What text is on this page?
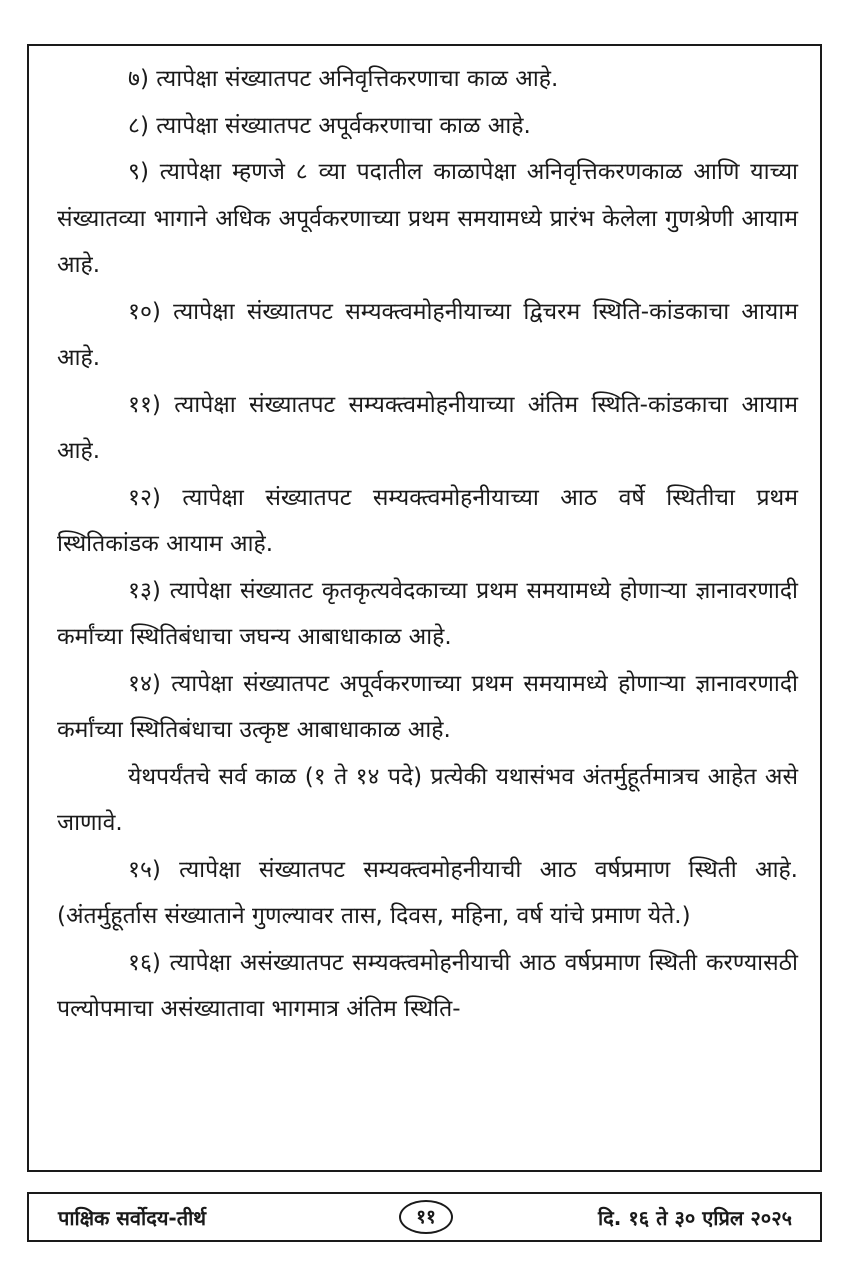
७) त्यापेक्षा संख्यातपट अनिवृत्तिकरणाचा काळ आहे.

८) त्यापेक्षा संख्यातपट अपूर्वकरणाचा काळ आहे.

९) त्यापेक्षा म्हणजे ८ व्या पदातील काळापेक्षा अनिवृत्तिकरणकाळ आणि याच्या संख्यातव्या भागाने अधिक अपूर्वकरणाच्या प्रथम समयामध्ये प्रारंभ केलेला गुणश्रेणी आयाम आहे.

१०) त्यापेक्षा संख्यातपट सम्यक्त्वमोहनीयाच्या द्विचरम स्थिति-कांडकाचा आयाम आहे.

११) त्यापेक्षा संख्यातपट सम्यक्त्वमोहनीयाच्या अंतिम स्थिति-कांडकाचा आयाम आहे.

१२) त्यापेक्षा संख्यातपट सम्यक्त्वमोहनीयाच्या आठ वर्षे स्थितीचा प्रथम स्थितिकांडक आयाम आहे.

१३) त्यापेक्षा संख्यातट कृतकृत्यवेदकाच्या प्रथम समयामध्ये होणाऱ्या ज्ञानावरणादी कर्मांच्या स्थितिबंधाचा जघन्य आबाधाकाळ आहे.

१४) त्यापेक्षा संख्यातपट अपूर्वकरणाच्या प्रथम समयामध्ये होणाऱ्या ज्ञानावरणादी कर्मांच्या स्थितिबंधाचा उत्कृष्ट आबाधाकाळ आहे.

येथपर्यंतचे सर्व काळ (१ ते १४ पदे) प्रत्येकी यथासंभव अंतर्मुहूर्तमात्रच आहेत असे जाणावे.

१५) त्यापेक्षा संख्यातपट सम्यक्त्वमोहनीयाची आठ वर्षप्रमाण स्थिती आहे. (अंतर्मुहूर्तास संख्याताने गुणल्यावर तास, दिवस, महिना, वर्ष यांचे प्रमाण येते.)

१६) त्यापेक्षा असंख्यातपट सम्यक्त्वमोहनीयाची आठ वर्षप्रमाण स्थिती करण्यासठी पल्योपमाचा असंख्यातावा भागमात्र अंतिम स्थिति-

पाक्षिक सर्वोदय-तीर्थ	११	दि. १६ ते ३० एप्रिल २०२५
